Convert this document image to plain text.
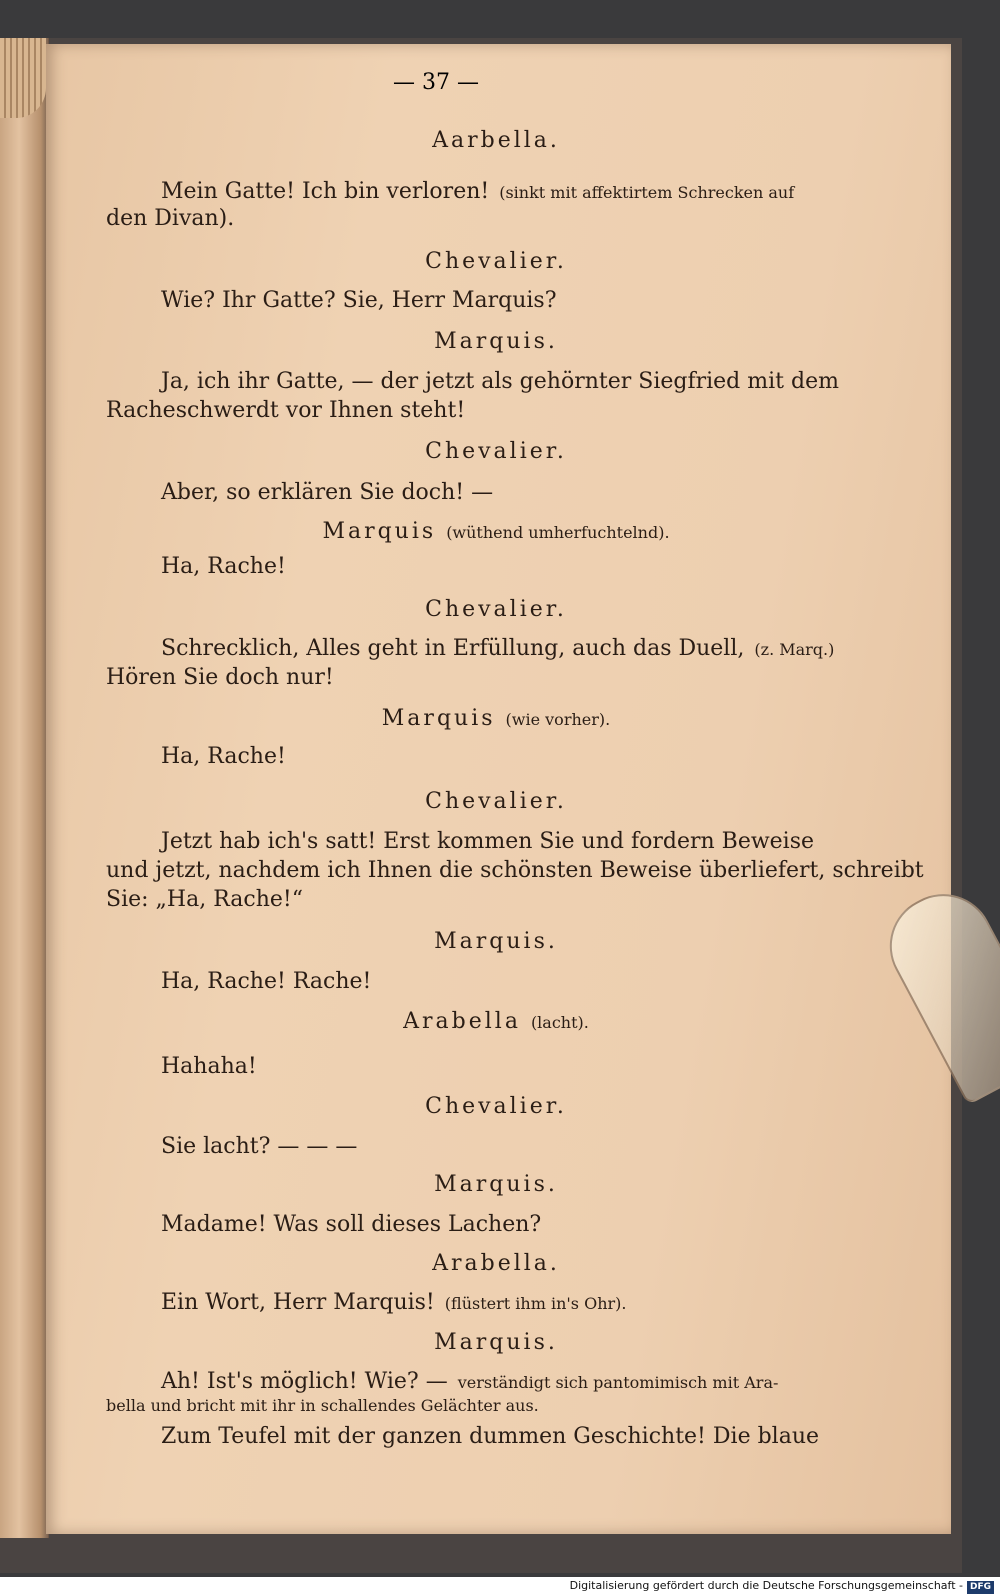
— 37 —
Aarbella.
Mein Gatte! Ich bin verloren! (sinkt mit affektirtem Schrecken auf
den Divan).
Chevalier.
Wie? Ihr Gatte? Sie, Herr Marquis?
Marquis.
Ja, ich ihr Gatte, — der jetzt als gehörnter Siegfried mit dem
Racheschwerdt vor Ihnen steht!
Chevalier.
Aber, so erklären Sie doch! —
Marquis (wüthend umherfuchtelnd).
Ha, Rache!
Chevalier.
Schrecklich, Alles geht in Erfüllung, auch das Duell, (z. Marq.)
Hören Sie doch nur!
Marquis (wie vorher).
Ha, Rache!
Chevalier.
Jetzt hab ich's satt! Erst kommen Sie und fordern Beweise
und jetzt, nachdem ich Ihnen die schönsten Beweise überliefert, schreibt
Sie: „Ha, Rache!“
Marquis.
Ha, Rache! Rache!
Arabella (lacht).
Hahaha!
Chevalier.
Sie lacht? — — —
Marquis.
Madame! Was soll dieses Lachen?
Arabella.
Ein Wort, Herr Marquis! (flüstert ihm in's Ohr).
Marquis.
Ah! Ist's möglich! Wie? — verständigt sich pantomimisch mit Ara-
bella und bricht mit ihr in schallendes Gelächter aus.
Zum Teufel mit der ganzen dummen Geschichte! Die blaue
Digitalisierung gefördert durch die Deutsche Forschungsgemeinschaft - DFG
